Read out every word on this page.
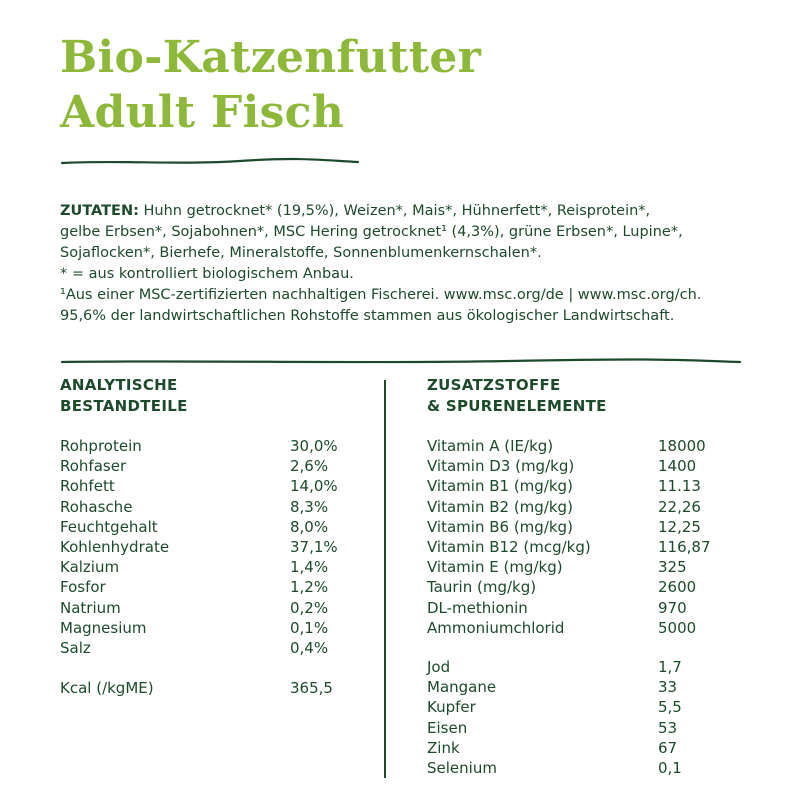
Bio-Katzenfutter
Adult Fisch

ZUTATEN: Huhn getrocknet* (19,5%), Weizen*, Mais*, Hühnerfett*, Reisprotein*,
gelbe Erbsen*, Sojabohnen*, MSC Hering getrocknet¹ (4,3%), grüne Erbsen*, Lupine*,
Sojaflocken*, Bierhefe, Mineralstoffe, Sonnenblumenkernschalen*.
* = aus kontrolliert biologischem Anbau.
¹Aus einer MSC-zertifizierten nachhaltigen Fischerei. www.msc.org/de | www.msc.org/ch.
95,6% der landwirtschaftlichen Rohstoffe stammen aus ökologischer Landwirtschaft.

ANALYTISCHE
BESTANDTEILE
ZUSATZSTOFFE
& SPURENELEMENTE
Rohprotein	30,0%
Rohfaser	2,6%
Rohfett	14,0%
Rohasche	8,3%
Feuchtgehalt	8,0%
Kohlenhydrate	37,1%
Kalzium	1,4%
Fosfor	1,2%
Natrium	0,2%
Magnesium	0,1%
Salz	0,4%
Kcal (/kgME)	365,5
Vitamin A (IE/kg)	18000
Vitamin D3 (mg/kg)	1400
Vitamin B1 (mg/kg)	11.13
Vitamin B2 (mg/kg)	22,26
Vitamin B6 (mg/kg)	12,25
Vitamin B12 (mcg/kg)	116,87
Vitamin E (mg/kg)	325
Taurin (mg/kg)	2600
DL-methionin	970
Ammoniumchlorid	5000
Jod	1,7
Mangane	33
Kupfer	5,5
Eisen	53
Zink	67
Selenium	0,1
